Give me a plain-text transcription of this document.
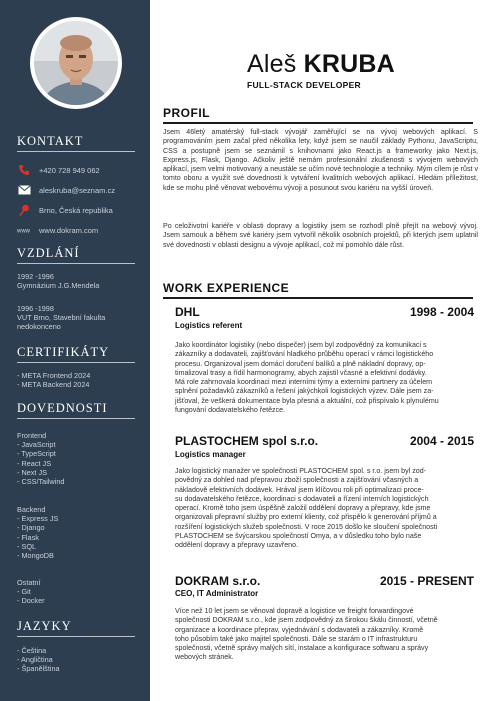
KONTAKT
+420 728 949 062
aleskruba@seznam.cz
Brno, Česká republika
www www.dokram.com
VZDLÁNÍ
1992 -1996
Gymnázium J.G.Mendela
1996 -1998
VUT Brno, Stavební fakulta
nedokonceno
CERTIFIKÁTY
- META Frontend 2024
- META Backend 2024
DOVEDNOSTI
Frontend
- JavaScript
- TypeScript
- React JS
- Next JS
- CSS/Tailwind
Backend
- Express JS
- Django
- Flask
- SQL
- MongoDB
Ostatní
- Git
- Docker
JAZYKY
- Čeština
- Angličtina
- Španělština
Aleš KRUBA
FULL-STACK DEVELOPER
PROFIL

Jsem 46letý amatérský full-stack vývojář zaměřující se na vývoj webových aplikací. S programováním jsem začal před několika lety, když jsem se naučil základy Pythonu, JavaScriptu, CSS a postupně jsem se seznámil s knihovnami jako React.js a frameworky jako Next.js, Express.js, Flask, Django. Ačkoliv ještě nemám profesionální zkušenosti s vývojem webových aplikací, jsem velmi motivovaný a neustále se učím nové technologie a techniky. Mým cílem je růst v tomto oboru a využít své dovednosti k vytváření kvalitních webových aplikací. Hledám příležitost, kde se mohu plně věnovat webovému vývoji a posunout svou kariéru na vyšší úroveň.

Po celoživotní kariéře v oblasti dopravy a logistiky jsem se rozhodl plně přejít na webový vývoj. Jsem samouk a během své kariéry jsem vytvořil několik osobních projektů, při kterých jsem uplatnil své dovednosti v oblasti designu a vývoje aplikací, což mi pomohlo dále růst.

WORK EXPERIENCE
DHL	1998 - 2004
Logistics referent
Jako koordinátor logistiky (nebo dispečer) jsem byl zodpovědný za komunikaci s
zákazníky a dodavateli, zajišťování hladkého průběhu operací v rámci logistického
procesu. Organizoval jsem domácí doručení balíků a plně nákladní dopravy, op-
timalizoval trasy a řídil harmonogramy, abych zajistil včasné a efektivní dodávky.
Má role zahrnovala koordinaci mezi interními týmy a externími partnery za účelem
splnění požadavků zákazníků a řešení jakýchkoli logistických výzev. Dále jsem za-
jišťoval, že veškerá dokumentace byla přesná a aktuální, což přispívalo k plynulému
fungování dodavatelského řetězce.
PLASTOCHEM spol s.r.o.	2004 - 2015
Logistics manager
Jako logistický manažer ve společnosti PLASTOCHEM spol. s r.o. jsem byl zod-
povědný za dohled nad přepravou zboží společnosti a zajišťování včasných a
nákladově efektivních dodávek. Hrával jsem klíčovou roli při optimalizaci proce-
su dodavatelského řetězce, koordinaci s dodavateli a řízení interních logistických
operací. Kromě toho jsem úspěšně založil oddělení dopravy a přepravy, kde jsme
organizovali přepravní služby pro externí klienty, což přispělo k generování příjmů a
rozšíření logistických služeb společnosti. V roce 2015 došlo ke sloučení společnosti
PLASTOCHEM se švýcarskou společností Omya, a v důsledku toho bylo naše
oddělení dopravy a přepravy uzavřeno.
DOKRAM s.r.o.	2015 - PRESENT
CEO, IT Administrator
Více než 10 let jsem se věnoval dopravě a logistice ve freight forwardingové
společnosti DOKRAM s.r.o., kde jsem zodpovědný za širokou škálu činností, včetně
organizace a koordinace přeprav, vyjednávání s dodavateli a zákazníky. Kromě
toho působím také jako majitel společnosti. Dále se starám o IT infrastrukturu
společnosti, včetně správy malých sítí, instalace a konfigurace softwaru a správy
webových stránek.
